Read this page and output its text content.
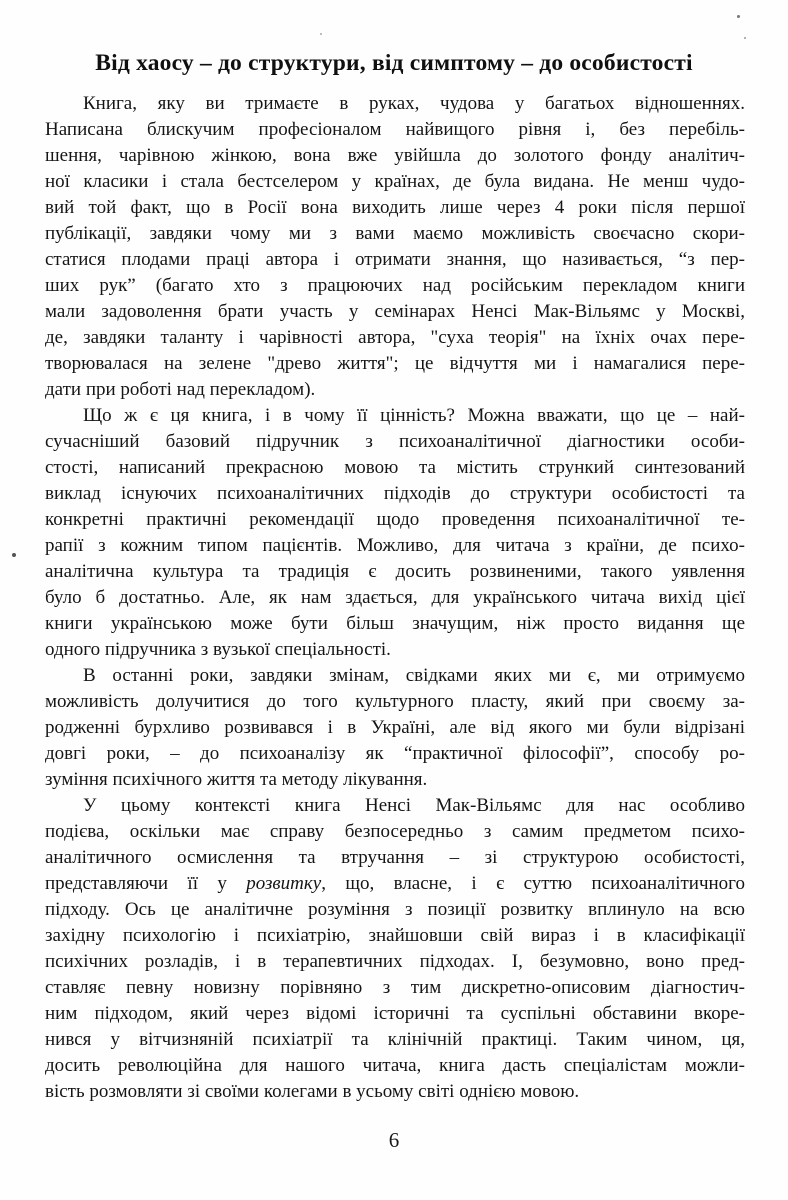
Від хаосу – до структури, від симптому – до особистості
Книга, яку ви тримаєте в руках, чудова у багатьох відношеннях.
Написана блискучим професіоналом найвищого рівня і, без перебіль-
шення, чарівною жінкою, вона вже увійшла до золотого фонду аналітич-
ної класики і стала бестселером у країнах, де була видана. Не менш чудо-
вий той факт, що в Росії вона виходить лише через 4 роки після першої
публікації, завдяки чому ми з вами маємо можливість своєчасно скори-
статися плодами праці автора і отримати знання, що називається, “з пер-
ших рук” (багато хто з працюючих над російським перекладом книги
мали задоволення брати участь у семінарах Ненсі Мак-Вільямс у Москві,
де, завдяки таланту і чарівності автора, "суха теорія" на їхніх очах пере-
творювалася на зелене "древо життя"; це відчуття ми і намагалися пере-
дати при роботі над перекладом).
Що ж є ця книга, і в чому її цінність? Можна вважати, що це – най-
сучасніший базовий підручник з психоаналітичної діагностики особи-
стості, написаний прекрасною мовою та містить стрункий синтезований
виклад існуючих психоаналітичних підходів до структури особистості та
конкретні практичні рекомендації щодо проведення психоаналітичної те-
рапії з кожним типом пацієнтів. Можливо, для читача з країни, де психо-
аналітична культура та традиція є досить розвиненими, такого уявлення
було б достатньо. Але, як нам здається, для українського читача вихід цієї
книги українською може бути більш значущим, ніж просто видання ще
одного підручника з вузької спеціальності.
В останні роки, завдяки змінам, свідками яких ми є, ми отримуємо
можливість долучитися до того культурного пласту, який при своєму за-
родженні бурхливо розвивався і в Україні, але від якого ми були відрізані
довгі роки, – до психоаналізу як “практичної філософії”, способу ро-
зуміння психічного життя та методу лікування.
У цьому контексті книга Ненсі Мак-Вільямс для нас особливо
подієва, оскільки має справу безпосередньо з самим предметом психо-
аналітичного осмислення та втручання – зі структурою особистості,
представляючи її у розвитку, що, власне, і є суттю психоаналітичного
підходу. Ось це аналітичне розуміння з позиції розвитку вплинуло на всю
західну психологію і психіатрію, знайшовши свій вираз і в класифікації
психічних розладів, і в терапевтичних підходах. І, безумовно, воно пред-
ставляє певну новизну порівняно з тим дискретно-описовим діагностич-
ним підходом, який через відомі історичні та суспільні обставини вкоре-
нився у вітчизняній психіатрії та клінічній практиці. Таким чином, ця,
досить революційна для нашого читача, книга дасть спеціалістам можли-
вість розмовляти зі своїми колегами в усьому світі однією мовою.
6
